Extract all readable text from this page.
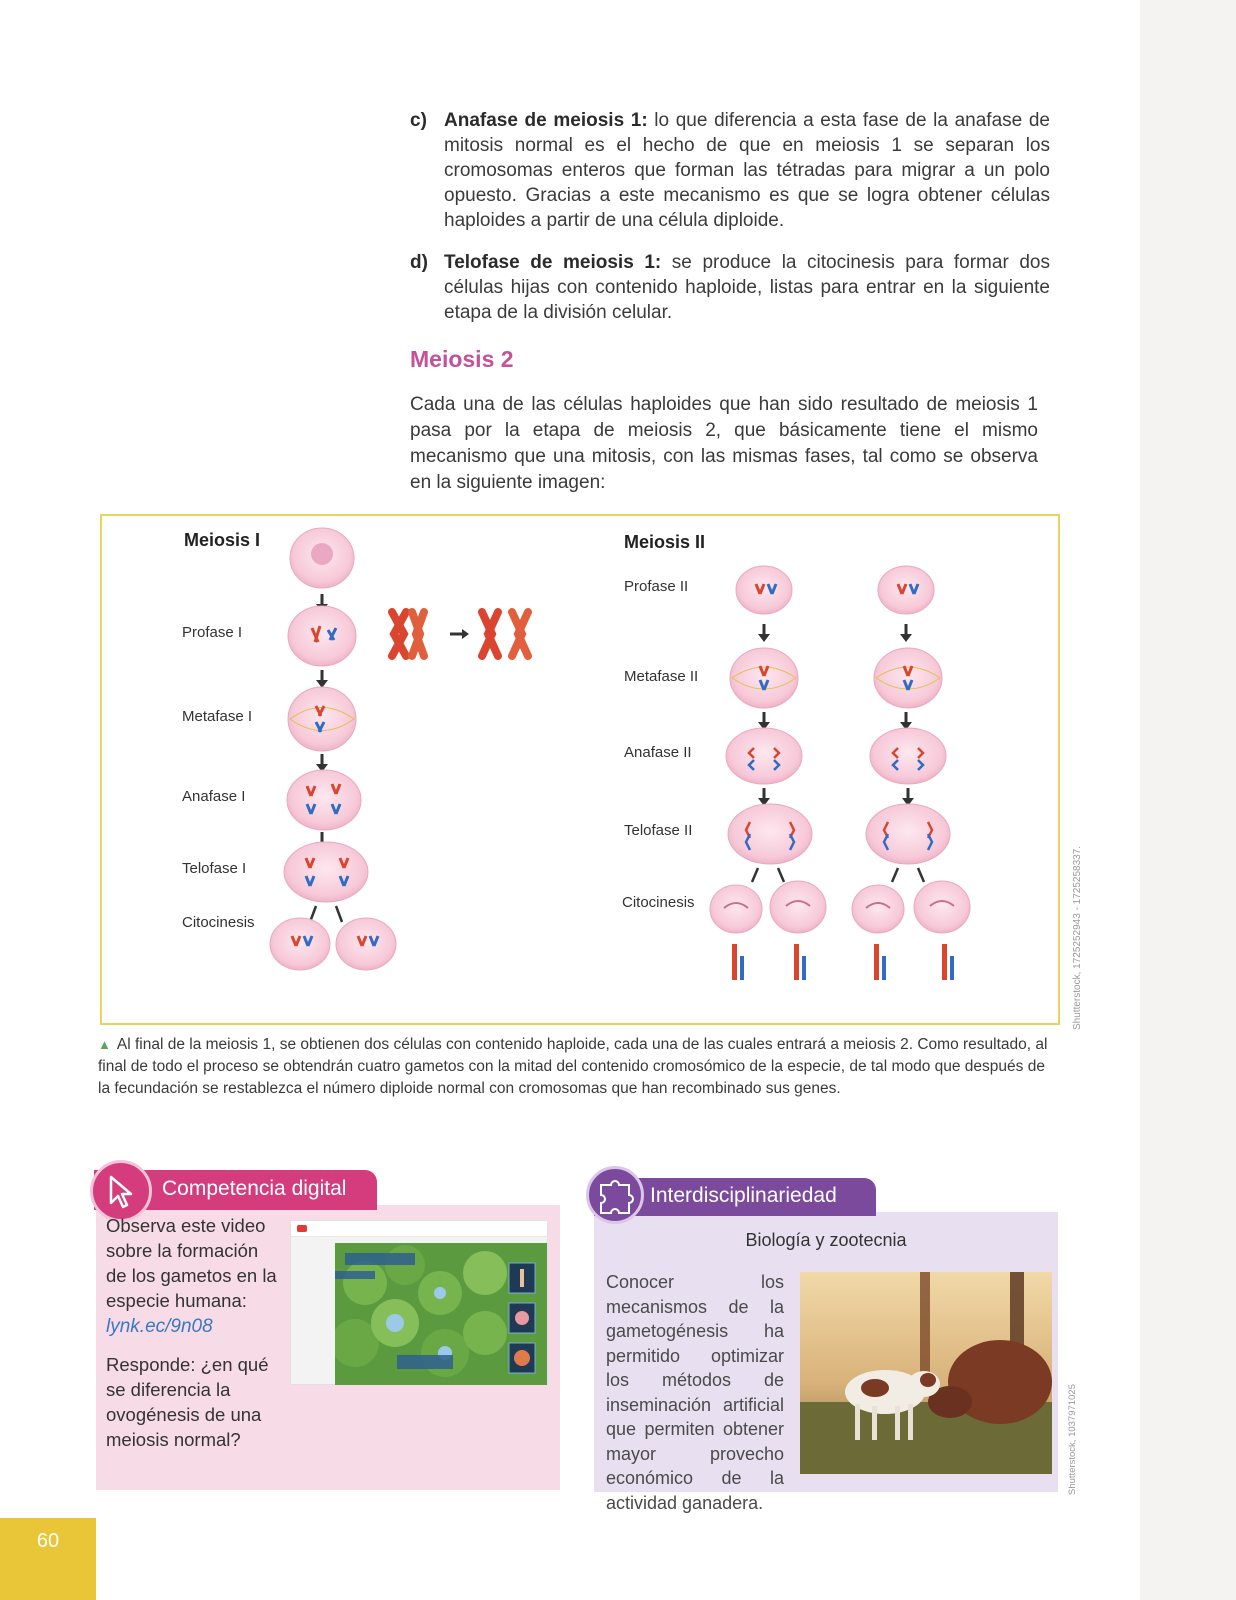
c) Anafase de meiosis 1: lo que diferencia a esta fase de la anafase de mitosis normal es el hecho de que en meiosis 1 se separan los cromosomas enteros que forman las tétradas para migrar a un polo opuesto. Gracias a este mecanismo es que se logra obtener células haploides a partir de una célula diploide.
d) Telofase de meiosis 1: se produce la citocinesis para formar dos células hijas con contenido haploide, listas para entrar en la siguiente etapa de la división celular.
Meiosis 2
Cada una de las células haploides que han sido resultado de meiosis 1 pasa por la etapa de meiosis 2, que básicamente tiene el mismo mecanismo que una mitosis, con las mismas fases, tal como se observa en la siguiente imagen:
Meiosis I	Meiosis II
Profase I
Metafase I
Anafase I
Telofase I
Citocinesis
Profase II
Metafase II
Anafase II
Telofase II
Citocinesis	Shutterstock, 1725252943 - 1725258337.
▲ Al final de la meiosis 1, se obtienen dos células con contenido haploide, cada una de las cuales entrará a meiosis 2. Como resultado, al final de todo el proceso se obtendrán cuatro gametos con la mitad del contenido cromosómico de la especie, de tal modo que después de la fecundación se restablezca el número diploide normal con cromosomas que han recombinado sus genes.
Competencia digital
Observa este video sobre la formación de los gametos en la especie humana:
lynk.ec/9n08
Responde: ¿en qué se diferencia la ovogénesis de una meiosis normal?
Interdisciplinariedad
Biología y zootecnia
Conocer los mecanismos de la gametogénesis ha permitido optimizar los métodos de inseminación artificial que permiten obtener mayor provecho económico de la actividad ganadera.
Shutterstock, 1037971025
60
